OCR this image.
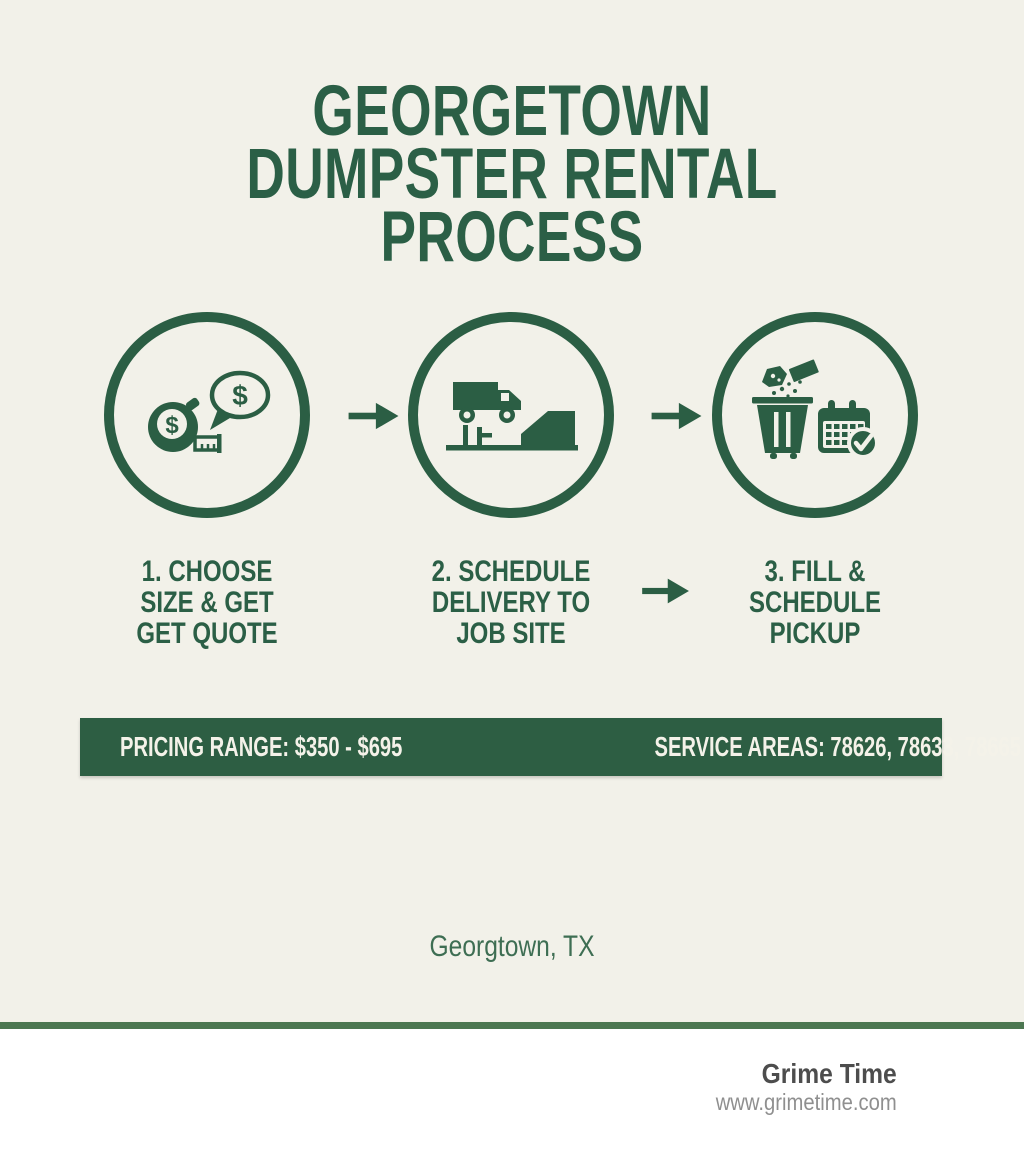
GEORGETOWN
DUMPSTER RENTAL PROCESS
$
$
1. CHOOSE
SIZE & GET
GET QUOTE
2. SCHEDULE
DELIVERY TO
JOB SITE
3. FILL &
SCHEDULE
PICKUP
PRICING RANGE: $350 - $695	SERVICE AREAS: 78626, 78633, 78665
Georgtown, TX
Grime Time
www.grimetime.com
